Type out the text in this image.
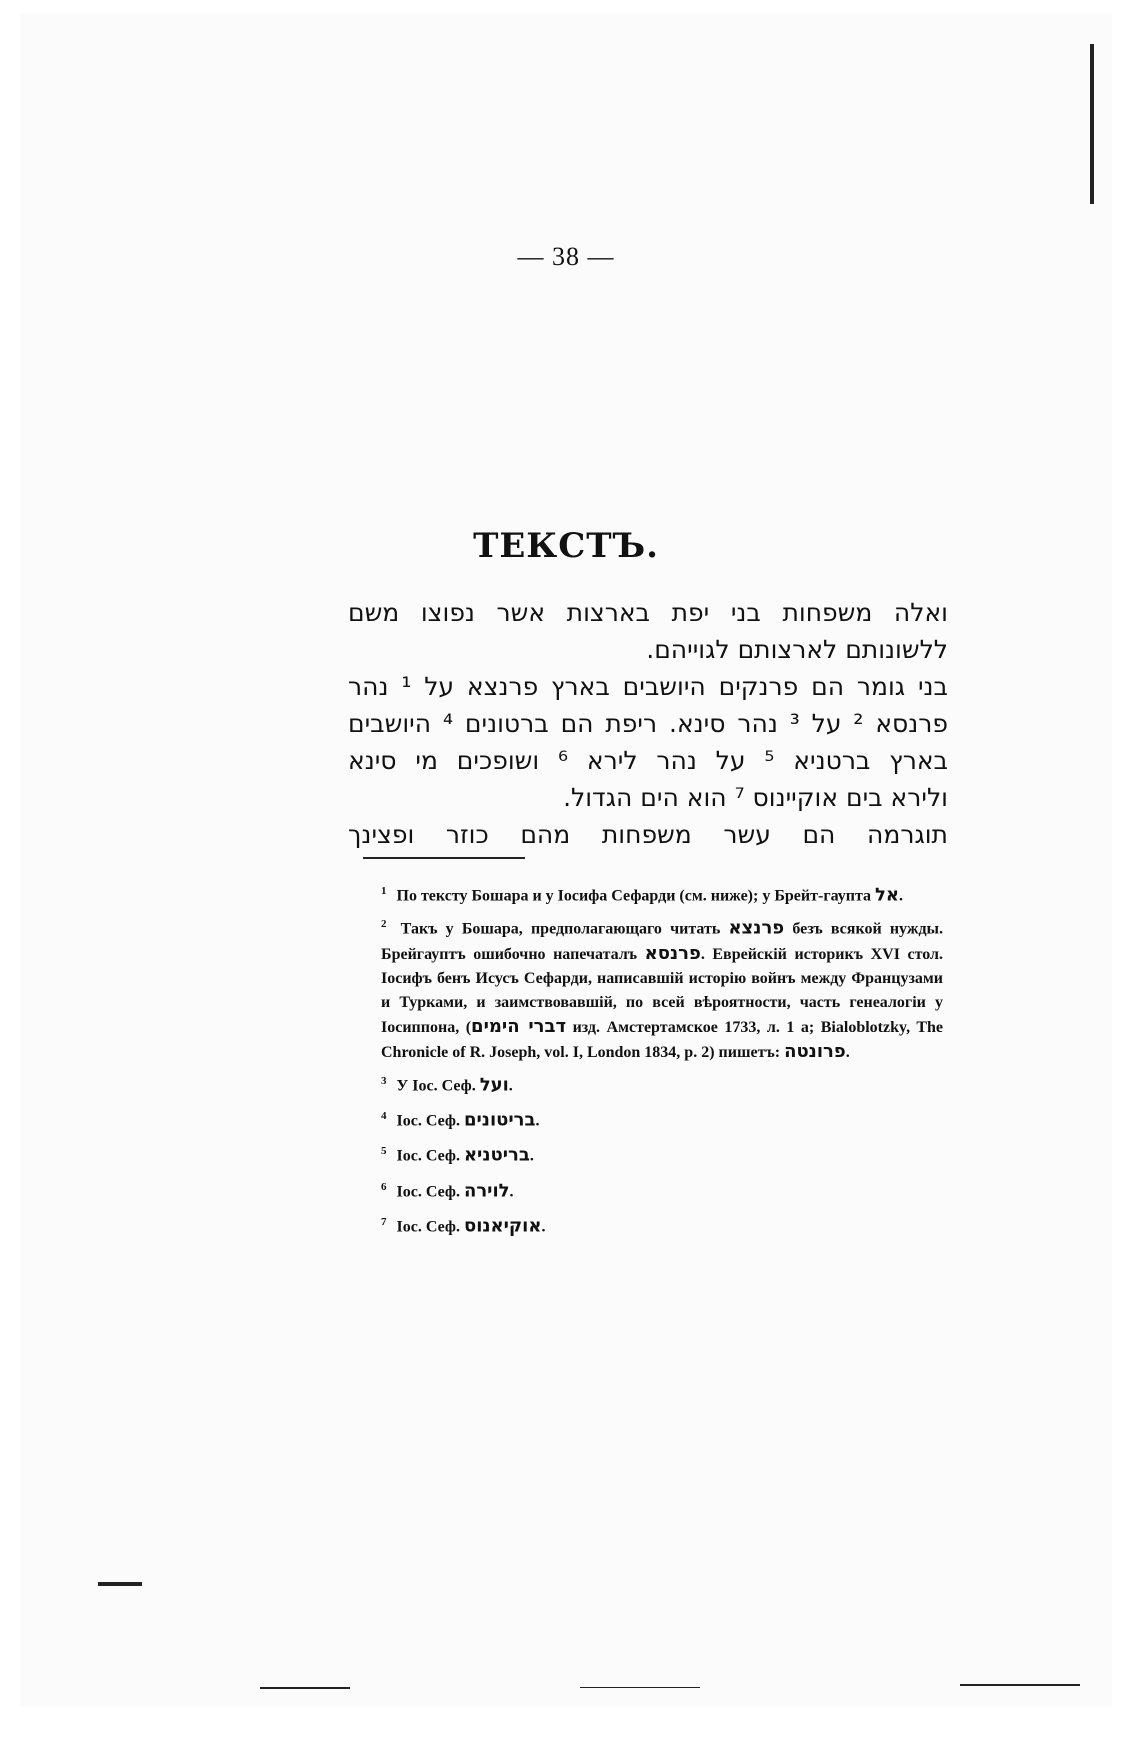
— 38 —
ТЕКСТЪ.
ואלה משפחות בני יפת בארצות אשר נפוצו משם
ללשונותם לארצותם לגוייהם.
בני גומר הם פרנקים היושבים בארץ פרנצא על ¹ נהר
פרנסא ² על ³ נהר סינא. ריפת הם ברטונים ⁴ היושבים
בארץ ברטניא ⁵ על נהר לירא ⁶ ושופכים מי סינא
ולירא בים אוקיינוס ⁷ הוא הים הגדול.
תוגרמה הם עשר משפחות מהם כוזר ופצינך

$^1$ По тексту Бошара и у Іосифа Сефарди (см. ниже); у Брейт-гаупта אל.

$^2$ Такъ у Бошара, предполагающаго читать פרנצא безъ всякой нужды. Брейгауптъ ошибочно напечаталъ פרנסא. Еврейскій историкъ XVI стол. Іосифъ бенъ Исусъ Сефарди, написавшій исторію войнъ между Французами и Турками, и заимствовавшій, по всей вѣроятности, часть генеалогіи у Іосиппона, (דברי הימים изд. Амстертамское 1733, л. 1 a; Bialoblotzky, The Chronicle of R. Joseph, vol. I, London 1834, p. 2) пишетъ: פרונטה.

$^3$ У Іос. Сеф. ועל.

$^4$ Іос. Сеф. בריטונים.

$^5$ Іос. Сеф. בריטניא.

$^6$ Іос. Сеф. לוירה.

$^7$ Іос. Сеф. אוקיאנוס.
